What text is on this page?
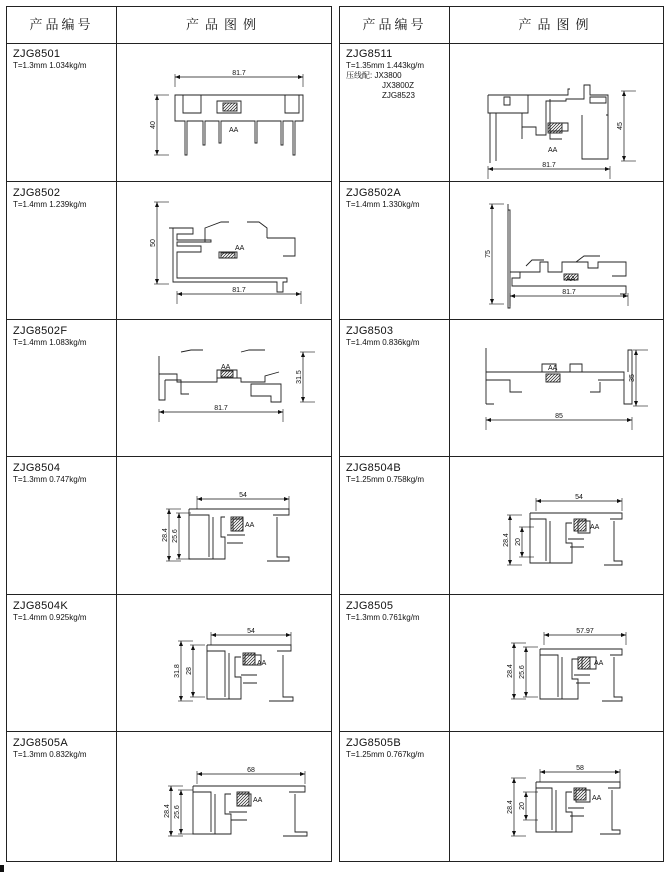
产品编号	产品图例
ZJG8501
T=1.3mm 1.034kg/m
AA
81.7
40
ZJG8502
T=1.4mm 1.239kg/m
AA
50
81.7
ZJG8502F
T=1.4mm 1.083kg/m
AA
31.5
81.7
ZJG8504
T=1.3mm 0.747kg/m
AA
54
28.4 25.6
ZJG8504K
T=1.4mm 0.925kg/m
AA
54
31.8 28
ZJG8505A
T=1.3mm 0.832kg/m
AA
68
28.4 25.6
产品编号	产品图例
ZJG8511
T=1.35mm 1.443kg/m
压线配: JX3800
JX3800Z
ZJG8523
AA
45
81.7
ZJG8502A
T=1.4mm 1.330kg/m
AA
75
81.7
ZJG8503
T=1.4mm 0.836kg/m
AA
35
85
ZJG8504B
T=1.25mm 0.758kg/m
AA
54
28.4 20
ZJG8505
T=1.3mm 0.761kg/m
AA
57.97
28.4 25.6
ZJG8505B
T=1.25mm 0.767kg/m
AA
58
28.4 20
